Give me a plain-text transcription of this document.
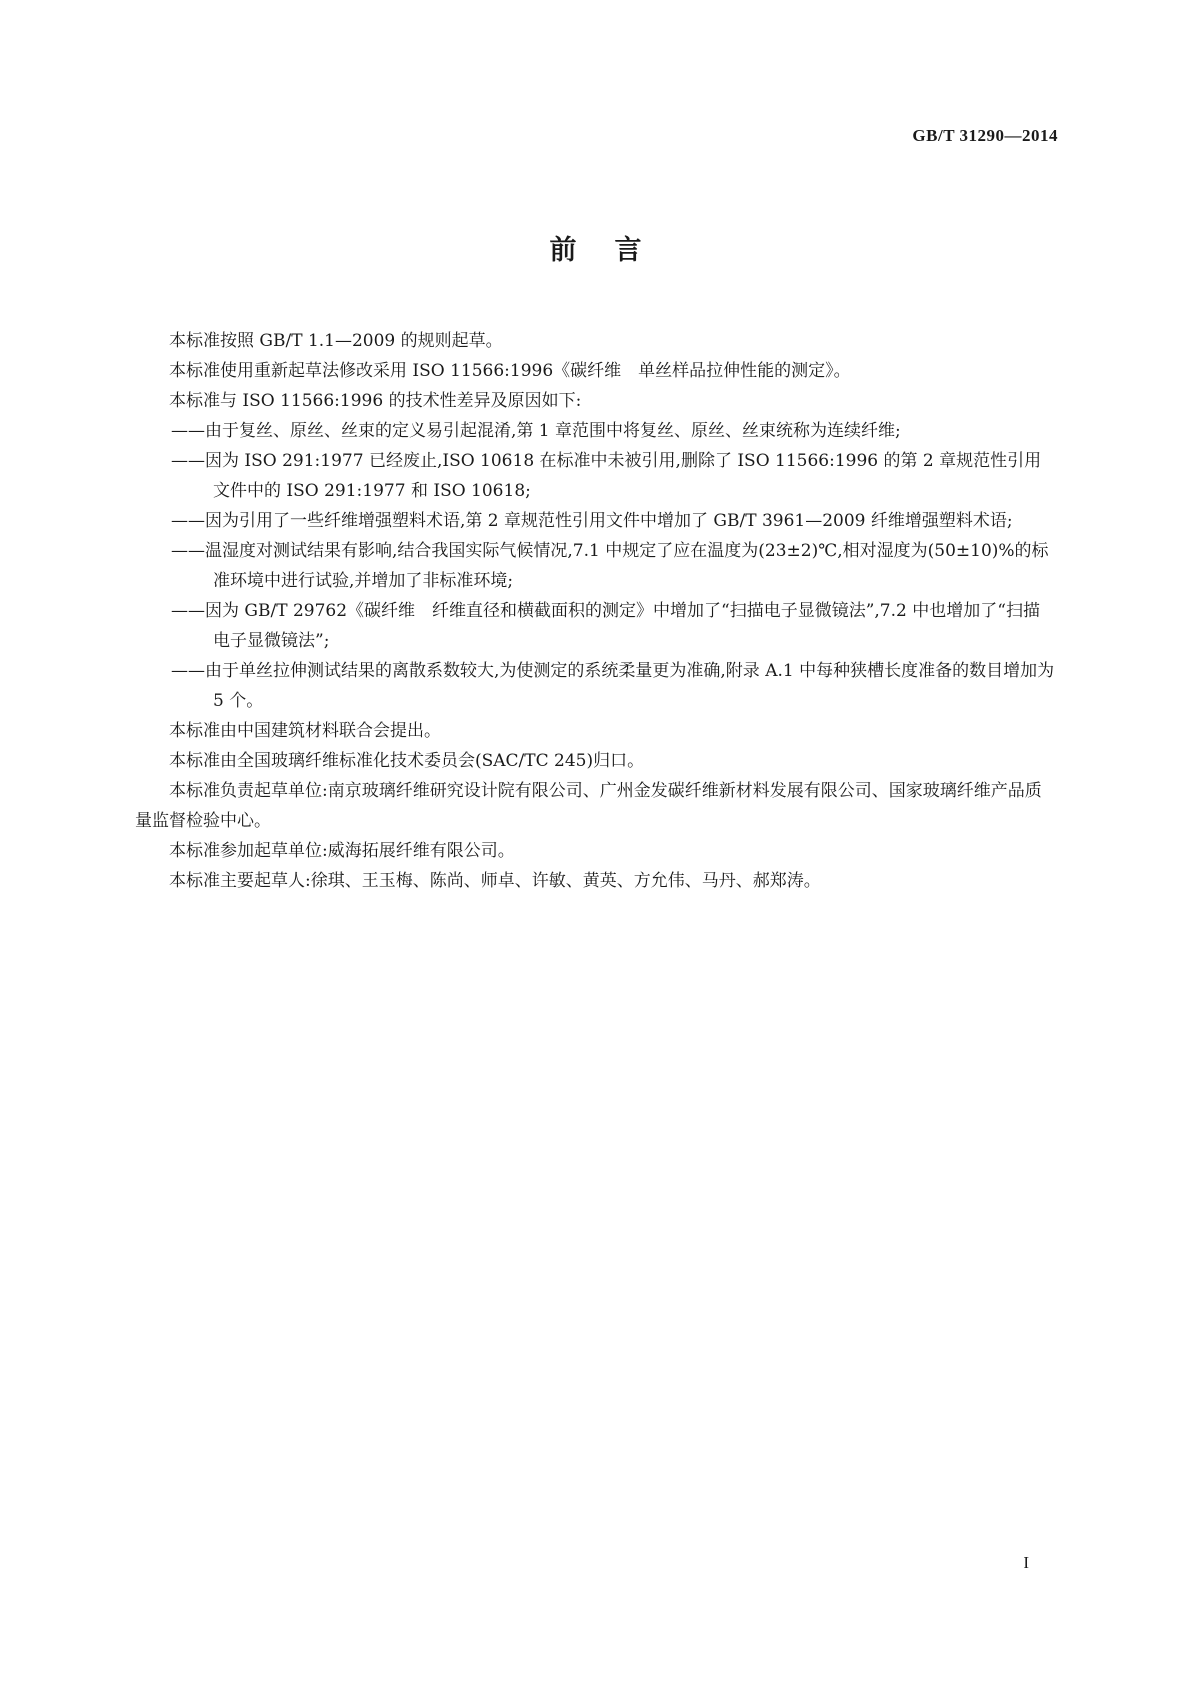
GB/T 31290—2014
前言

本标准按照 GB/T 1.1—2009 的规则起草。

本标准使用重新起草法修改采用 ISO 11566:1996《碳纤维　单丝样品拉伸性能的测定》。

本标准与 ISO 11566:1996 的技术性差异及原因如下:

——由于复丝、原丝、丝束的定义易引起混淆,第 1 章范围中将复丝、原丝、丝束统称为连续纤维;

——因为 ISO 291:1977 已经废止,ISO 10618 在标准中未被引用,删除了 ISO 11566:1996 的第 2 章规范性引用文件中的 ISO 291:1977 和 ISO 10618;

——因为引用了一些纤维增强塑料术语,第 2 章规范性引用文件中增加了 GB/T 3961—2009 纤维增强塑料术语;

——温湿度对测试结果有影响,结合我国实际气候情况,7.1 中规定了应在温度为(23±2)℃,相对湿度为(50±10)%的标准环境中进行试验,并增加了非标准环境;

——因为 GB/T 29762《碳纤维　纤维直径和横截面积的测定》中增加了“扫描电子显微镜法”,7.2 中也增加了“扫描电子显微镜法”;

——由于单丝拉伸测试结果的离散系数较大,为使测定的系统柔量更为准确,附录 A.1 中每种狭槽长度准备的数目增加为 5 个。

本标准由中国建筑材料联合会提出。

本标准由全国玻璃纤维标准化技术委员会(SAC/TC 245)归口。

本标准负责起草单位:南京玻璃纤维研究设计院有限公司、广州金发碳纤维新材料发展有限公司、国家玻璃纤维产品质量监督检验中心。

本标准参加起草单位:威海拓展纤维有限公司。

本标准主要起草人:徐琪、王玉梅、陈尚、师卓、许敏、黄英、方允伟、马丹、郝郑涛。

I
